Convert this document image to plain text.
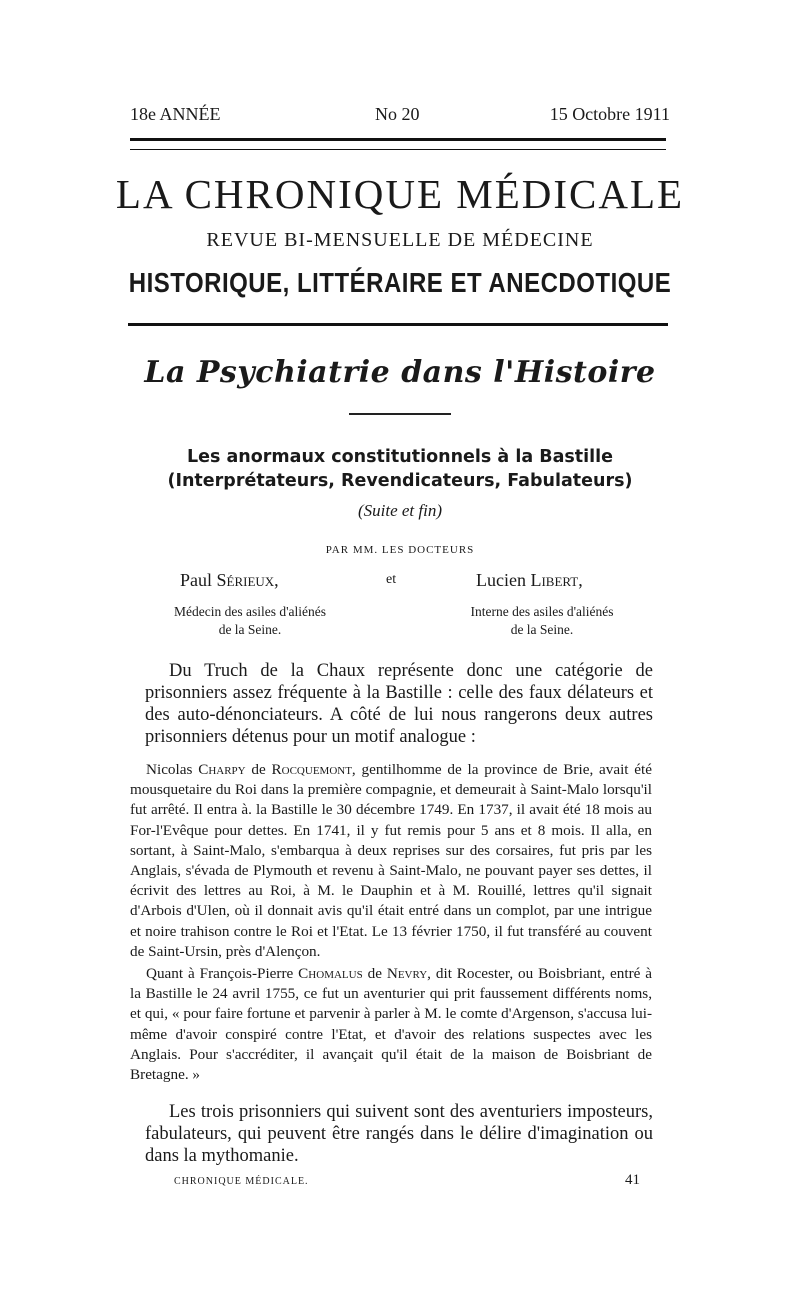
18e ANNÉE	No 20	15 Octobre 1911
LA CHRONIQUE MÉDICALE
REVUE BI-MENSUELLE DE MÉDECINE
HISTORIQUE, LITTÉRAIRE ET ANECDOTIQUE
La Psychiatrie dans l'Histoire
Les anormaux constitutionnels à la Bastille
(Interprétateurs, Revendicateurs, Fabulateurs)
(Suite et fin)
PAR MM. LES DOCTEURS
Paul Sérieux,	et	Lucien Libert,
Médecin des asiles d'aliénés
de la Seine.
Interne des asiles d'aliénés
de la Seine.

Du Truch de la Chaux représente donc une catégorie de prisonniers assez fréquente à la Bastille : celle des faux délateurs et des auto-dénonciateurs. A côté de lui nous rangerons deux autres prisonniers détenus pour un motif analogue :

Nicolas Charpy de Rocquemont, gentilhomme de la province de Brie, avait été mousquetaire du Roi dans la première compagnie, et demeurait à Saint-Malo lorsqu'il fut arrêté. Il entra à. la Bastille le 30 décembre 1749. En 1737, il avait été 18 mois au For-l'Evêque pour dettes. En 1741, il y fut remis pour 5 ans et 8 mois. Il alla, en sortant, à Saint-Malo, s'embarqua à deux reprises sur des corsaires, fut pris par les Anglais, s'évada de Plymouth et revenu à Saint-Malo, ne pouvant payer ses dettes, il écrivit des lettres au Roi, à M. le Dauphin et à M. Rouillé, lettres qu'il signait d'Arbois d'Ulen, où il donnait avis qu'il était entré dans un complot, par une intrigue et noire trahison contre le Roi et l'Etat. Le 13 février 1750, il fut transféré au couvent de Saint-Ursin, près d'Alençon.

Quant à François-Pierre Chomalus de Nevry, dit Rocester, ou Boisbriant, entré à la Bastille le 24 avril 1755, ce fut un aventurier qui prit faussement différents noms, et qui, « pour faire fortune et parvenir à parler à M. le comte d'Argenson, s'accusa lui-même d'avoir conspiré contre l'Etat, et d'avoir des relations suspectes avec les Anglais. Pour s'accréditer, il avançait qu'il était de la maison de Boisbriant de Bretagne. »

Les trois prisonniers qui suivent sont des aventuriers imposteurs, fabulateurs, qui peuvent être rangés dans le délire d'imagination ou dans la mythomanie.

CHRONIQUE MÉDICALE.	41
